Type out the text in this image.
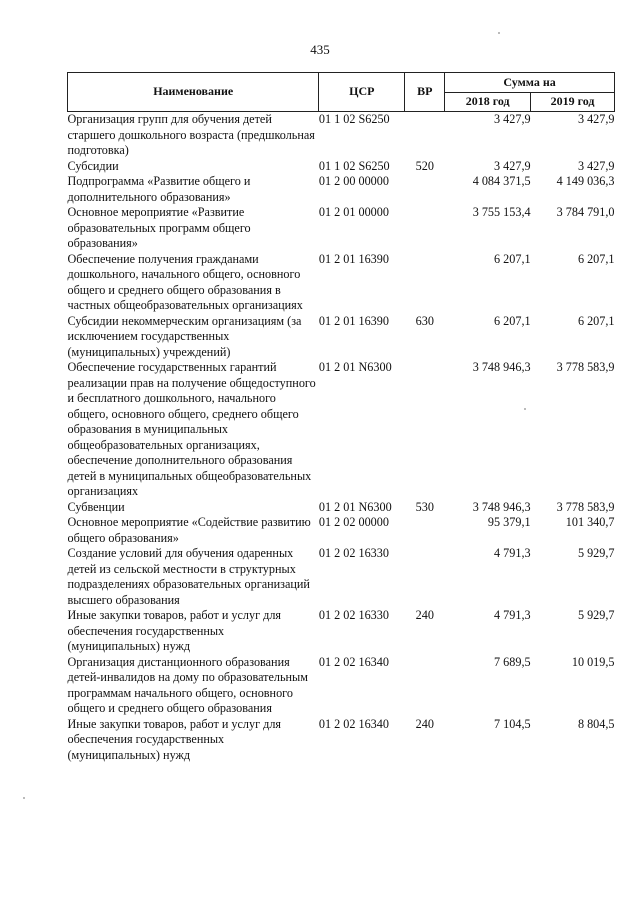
435
Наименование	ЦСР	ВР	Сумма на	
			2018 год	2019 год
Организация групп для обучения детей старшего дошкольного возраста (предшкольная подготовка)	01 1 02 S6250		3 427,9	3 427,9
Субсидии	01 1 02 S6250	520	3 427,9	3 427,9
Подпрограмма «Развитие общего и дополнительного образования»	01 2 00 00000		4 084 371,5	4 149 036,3
Основное мероприятие «Развитие образовательных программ общего образования»	01 2 01 00000		3 755 153,4	3 784 791,0
Обеспечение получения гражданами дошкольного, начального общего, основного общего и среднего общего образования в частных общеобразовательных организациях	01 2 01 16390		6 207,1	6 207,1
Субсидии некоммерческим организациям (за исключением государственных (муниципальных) учреждений)	01 2 01 16390	630	6 207,1	6 207,1
Обеспечение государственных гарантий реализации прав на получение общедоступного и бесплатного дошкольного, начального общего, основного общего, среднего общего образования в муниципальных общеобразовательных организациях, обеспечение дополнительного образования детей в муниципальных общеобразовательных организациях	01 2 01 N6300		3 748 946,3	3 778 583,9
Субвенции	01 2 01 N6300	530	3 748 946,3	3 778 583,9
Основное мероприятие «Содействие развитию общего образования»	01 2 02 00000		95 379,1	101 340,7
Создание условий для обучения одаренных детей из сельской местности в структурных подразделениях образовательных организаций высшего образования	01 2 02 16330		4 791,3	5 929,7
Иные закупки товаров, работ и услуг для обеспечения государственных (муниципальных) нужд	01 2 02 16330	240	4 791,3	5 929,7
Организация дистанционного образования детей-инвалидов на дому по образовательным программам начального общего, основного общего и среднего общего образования	01 2 02 16340		7 689,5	10 019,5
Иные закупки товаров, работ и услуг для обеспечения государственных (муниципальных) нужд	01 2 02 16340	240	7 104,5	8 804,5
